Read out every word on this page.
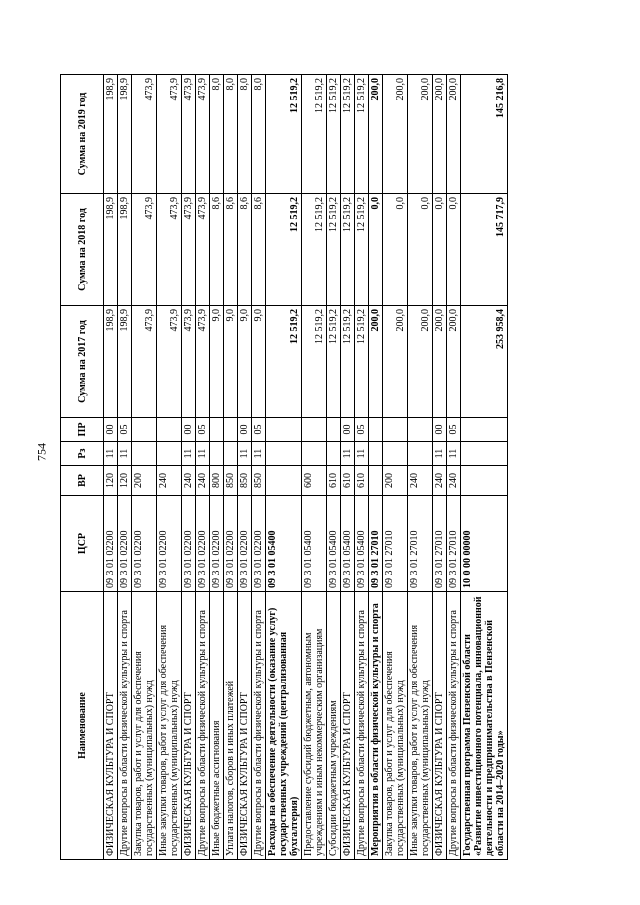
754
Наименование	ЦСР	ВР	Рз	ПР	Сумма на 2017 год	Сумма на 2018 год	Сумма на 2019 год
ФИЗИЧЕСКАЯ КУЛЬТУРА И СПОРТ	09 3 01 02200	120	11	00	198,9	198,9	198,9
Другие вопросы в области физической культуры и спорта	09 3 01 02200	120	11	05	198,9	198,9	198,9
Закупка товаров, работ и услуг для обеспечения государственных (муниципальных) нужд	09 3 01 02200	200			473,9	473,9	473,9
Иные закупки товаров, работ и услуг для обеспечения государственных (муниципальных) нужд	09 3 01 02200	240			473,9	473,9	473,9
ФИЗИЧЕСКАЯ КУЛЬТУРА И СПОРТ	09 3 01 02200	240	11	00	473,9	473,9	473,9
Другие вопросы в области физической культуры и спорта	09 3 01 02200	240	11	05	473,9	473,9	473,9
Иные бюджетные ассигнования	09 3 01 02200	800			9,0	8,6	8,0
Уплата налогов, сборов и иных платежей	09 3 01 02200	850			9,0	8,6	8,0
ФИЗИЧЕСКАЯ КУЛЬТУРА И СПОРТ	09 3 01 02200	850	11	00	9,0	8,6	8,0
Другие вопросы в области физической культуры и спорта	09 3 01 02200	850	11	05	9,0	8,6	8,0
Расходы на обеспечение деятельности (оказание услуг) государственных учреждений (централизованная бухгалтерия)	09 3 01 05400				12 519,2	12 519,2	12 519,2
Предоставление субсидий бюджетным, автономным учреждениям и иным некоммерческим организациям	09 3 01 05400	600			12 519,2	12 519,2	12 519,2
Субсидии бюджетным учреждениям	09 3 01 05400	610			12 519,2	12 519,2	12 519,2
ФИЗИЧЕСКАЯ КУЛЬТУРА И СПОРТ	09 3 01 05400	610	11	00	12 519,2	12 519,2	12 519,2
Другие вопросы в области физической культуры и спорта	09 3 01 05400	610	11	05	12 519,2	12 519,2	12 519,2
Мероприятия в области физической культуры и спорта	09 3 01 27010				200,0	0,0	200,0
Закупка товаров, работ и услуг для обеспечения государственных (муниципальных) нужд	09 3 01 27010	200			200,0	0,0	200,0
Иные закупки товаров, работ и услуг для обеспечения государственных (муниципальных) нужд	09 3 01 27010	240			200,0	0,0	200,0
ФИЗИЧЕСКАЯ КУЛЬТУРА И СПОРТ	09 3 01 27010	240	11	00	200,0	0,0	200,0
Другие вопросы в области физической культуры и спорта	09 3 01 27010	240	11	05	200,0	0,0	200,0
Государственная программа Пензенской области «Развитие инвестиционного потенциала, инновационной деятельности и предпринимательства в Пензенской области на 2014–2020 годы»	10 0 00 00000				253 958,4	145 717,9	145 216,8
